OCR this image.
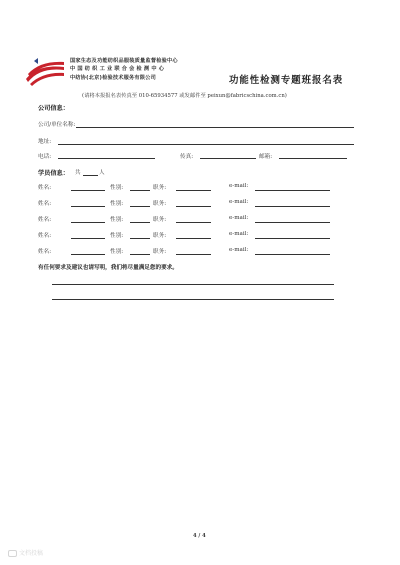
国家生态及功能纺织品服装质量监督检验中心
中 国 纺 织 工 业 联 合 会 检 测 中 心
中纺协(北京)检验技术服务有限公司	功能性检测专题班报名表
(请将本报报名表传真至 010-65934577 或发邮件至 peixun@fabricschina.com.cn)
公司信息：
公司/单位名称:
地址:
电话:	传真:	邮箱:
学员信息： 共	人
姓名:	性别:	职务:	e-mail:
姓名:	性别:	职务:	e-mail:
姓名:	性别:	职务:	e-mail:
姓名:	性别:	职务:	e-mail:
姓名:	性别:	职务:	e-mail:
有任何要求及建议也请写明，我们将尽量满足您的要求。
4 / 4
文档投稿
